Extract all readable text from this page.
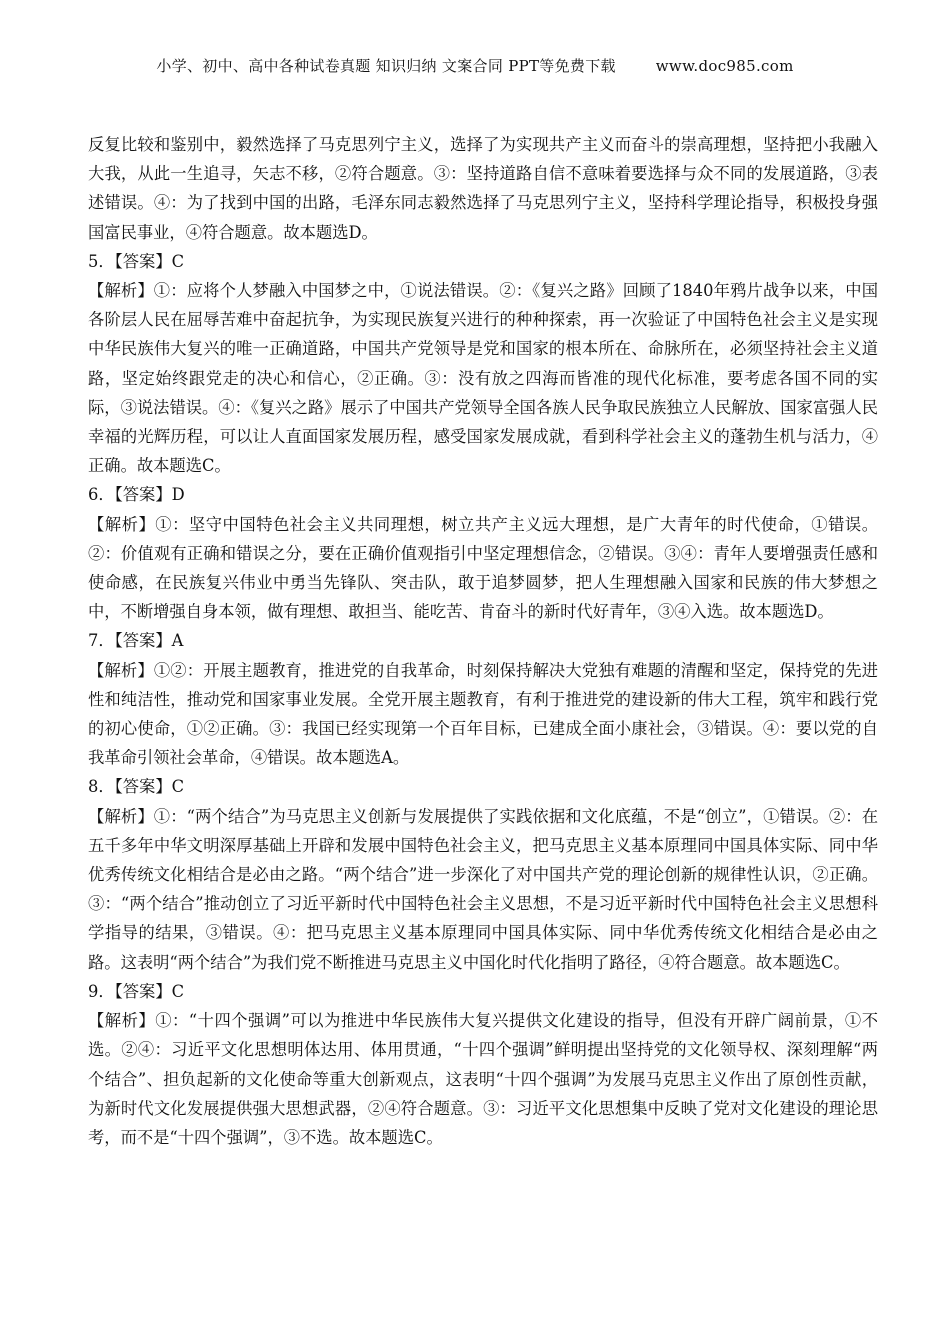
小学、初中、高中各种试卷真题 知识归纳 文案合同 PPT等免费下载	www.doc985.com

反复比较和鉴别中，毅然选择了马克思列宁主义，选择了为实现共产主义而奋斗的崇高理想，坚持把小我融入大我，从此一生追寻，矢志不移，②符合题意。③：坚持道路自信不意味着要选择与众不同的发展道路，③表述错误。④：为了找到中国的出路，毛泽东同志毅然选择了马克思列宁主义，坚持科学理论指导，积极投身强国富民事业，④符合题意。故本题选D。

5．【答案】C

【解析】①：应将个人梦融入中国梦之中，①说法错误。②：《复兴之路》回顾了1840年鸦片战争以来，中国各阶层人民在屈辱苦难中奋起抗争，为实现民族复兴进行的种种探索，再一次验证了中国特色社会主义是实现中华民族伟大复兴的唯一正确道路，中国共产党领导是党和国家的根本所在、命脉所在，必须坚持社会主义道路，坚定始终跟党走的决心和信心，②正确。③：没有放之四海而皆准的现代化标准，要考虑各国不同的实际，③说法错误。④：《复兴之路》展示了中国共产党领导全国各族人民争取民族独立人民解放、国家富强人民幸福的光辉历程，可以让人直面国家发展历程，感受国家发展成就，看到科学社会主义的蓬勃生机与活力，④正确。故本题选C。

6．【答案】D

【解析】①：坚守中国特色社会主义共同理想，树立共产主义远大理想，是广大青年的时代使命，①错误。②：价值观有正确和错误之分，要在正确价值观指引中坚定理想信念，②错误。③④：青年人要增强责任感和使命感，在民族复兴伟业中勇当先锋队、突击队，敢于追梦圆梦，把人生理想融入国家和民族的伟大梦想之中，不断增强自身本领，做有理想、敢担当、能吃苦、肯奋斗的新时代好青年，③④入选。故本题选D。

7．【答案】A

【解析】①②：开展主题教育，推进党的自我革命，时刻保持解决大党独有难题的清醒和坚定，保持党的先进性和纯洁性，推动党和国家事业发展。全党开展主题教育，有利于推进党的建设新的伟大工程，筑牢和践行党的初心使命，①②正确。③：我国已经实现第一个百年目标，已建成全面小康社会，③错误。④：要以党的自我革命引领社会革命，④错误。故本题选A。

8．【答案】C

【解析】①：“两个结合”为马克思主义创新与发展提供了实践依据和文化底蕴，不是“创立”，①错误。②：在五千多年中华文明深厚基础上开辟和发展中国特色社会主义，把马克思主义基本原理同中国具体实际、同中华优秀传统文化相结合是必由之路。“两个结合”进一步深化了对中国共产党的理论创新的规律性认识，②正确。③：“两个结合”推动创立了习近平新时代中国特色社会主义思想，不是习近平新时代中国特色社会主义思想科学指导的结果，③错误。④：把马克思主义基本原理同中国具体实际、同中华优秀传统文化相结合是必由之路。这表明“两个结合”为我们党不断推进马克思主义中国化时代化指明了路径，④符合题意。故本题选C。

9．【答案】C

【解析】①：“十四个强调”可以为推进中华民族伟大复兴提供文化建设的指导，但没有开辟广阔前景，①不选。②④：习近平文化思想明体达用、体用贯通，“十四个强调”鲜明提出坚持党的文化领导权、深刻理解“两个结合”、担负起新的文化使命等重大创新观点，这表明“十四个强调”为发展马克思主义作出了原创性贡献，为新时代文化发展提供强大思想武器，②④符合题意。③：习近平文化思想集中反映了党对文化建设的理论思考，而不是“十四个强调”，③不选。故本题选C。
